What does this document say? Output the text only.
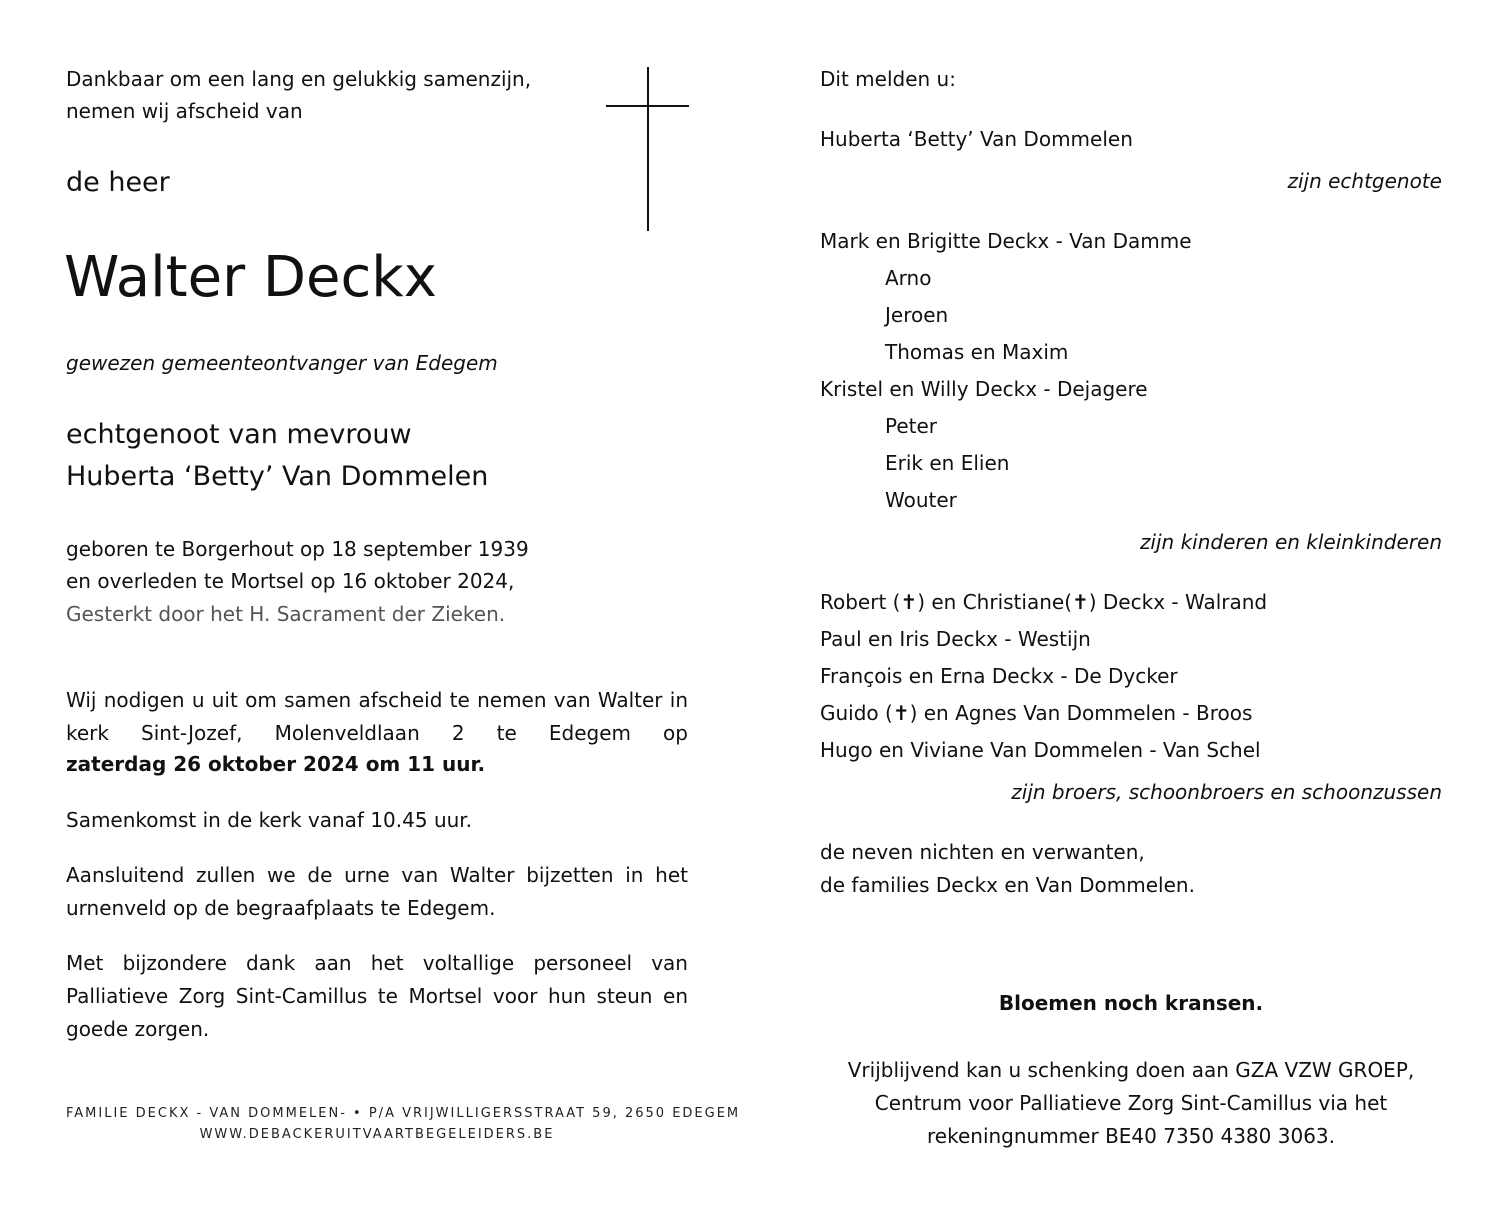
Dankbaar om een lang en gelukkig samenzijn,
nemen wij afscheid van
de heer
Walter Deckx
gewezen gemeenteontvanger van Edegem
echtgenoot van mevrouw
Huberta ‘Betty’ Van Dommelen
geboren te Borgerhout op 18 september 1939
en overleden te Mortsel op 16 oktober 2024,
Gesterkt door het H. Sacrament der Zieken.
Wij nodigen u uit om samen afscheid te nemen van Walter in kerk Sint-Jozef, Molenveldlaan 2 te Edegem op
zaterdag 26 oktober 2024 om 11 uur.
Samenkomst in de kerk vanaf 10.45 uur.
Aansluitend zullen we de urne van Walter bijzetten in het urnenveld op de begraafplaats te Edegem.
Met bijzondere dank aan het voltallige personeel van Palliatieve Zorg Sint-Camillus te Mortsel voor hun steun en goede zorgen.
FAMILIE DECKX - VAN DOMMELEN- • P/A VRIJWILLIGERSSTRAAT 59, 2650 EDEGEM
WWW.DEBACKERUITVAARTBEGELEIDERS.BE
Dit melden u:
Huberta ‘Betty’ Van Dommelen
zijn echtgenote
Mark en Brigitte Deckx - Van Damme
Arno
Jeroen
Thomas en Maxim
Kristel en Willy Deckx - Dejagere
Peter
Erik en Elien
Wouter
zijn kinderen en kleinkinderen
Robert (✝) en Christiane(✝) Deckx - Walrand
Paul en Iris Deckx - Westijn
François en Erna Deckx - De Dycker
Guido (✝) en Agnes Van Dommelen - Broos
Hugo en Viviane Van Dommelen - Van Schel
zijn broers, schoonbroers en schoonzussen
de neven nichten en verwanten,
de families Deckx en Van Dommelen.
Bloemen noch kransen.
Vrijblijvend kan u schenking doen aan GZA VZW GROEP,
Centrum voor Palliatieve Zorg Sint-Camillus via het
rekeningnummer BE40 7350 4380 3063.
